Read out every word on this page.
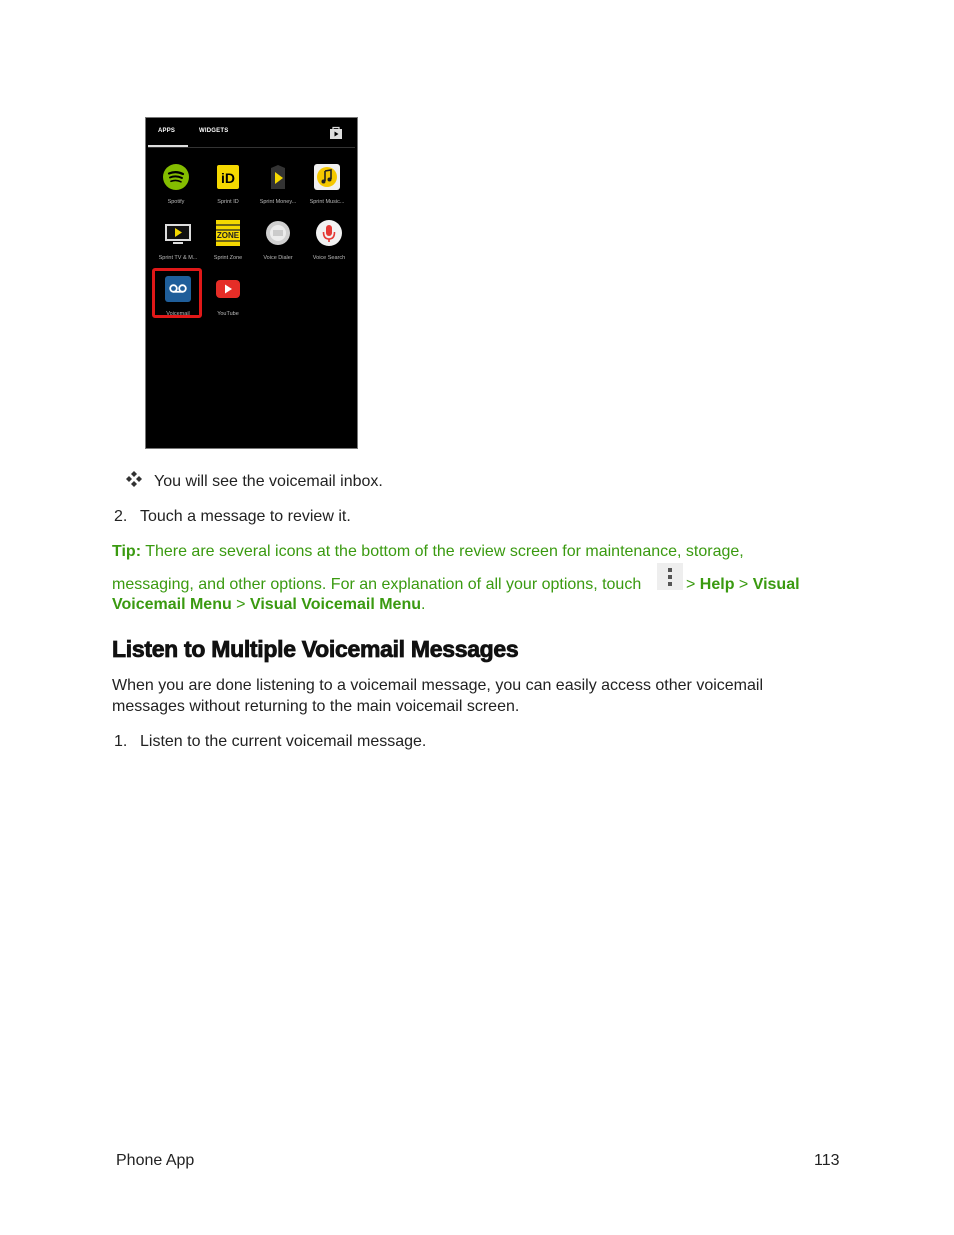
APPS	WIDGETS
Spotify
iD
Sprint ID	Sprint Money...	Sprint Music...
Sprint TV & M...
ZONE
Sprint Zone	Voice Dialer	Voice Search
Voicemail	YouTube
You will see the voicemail inbox.
2. Touch a message to review it.
Tip: There are several icons at the bottom of the review screen for maintenance, storage,
messaging, and other options. For an explanation of all your options, touch	> Help > Visual
Voicemail Menu > Visual Voicemail Menu.
Listen to Multiple Voicemail Messages
When you are done listening to a voicemail message, you can easily access other voicemail
messages without returning to the main voicemail screen.
1. Listen to the current voicemail message.
Phone App	113
